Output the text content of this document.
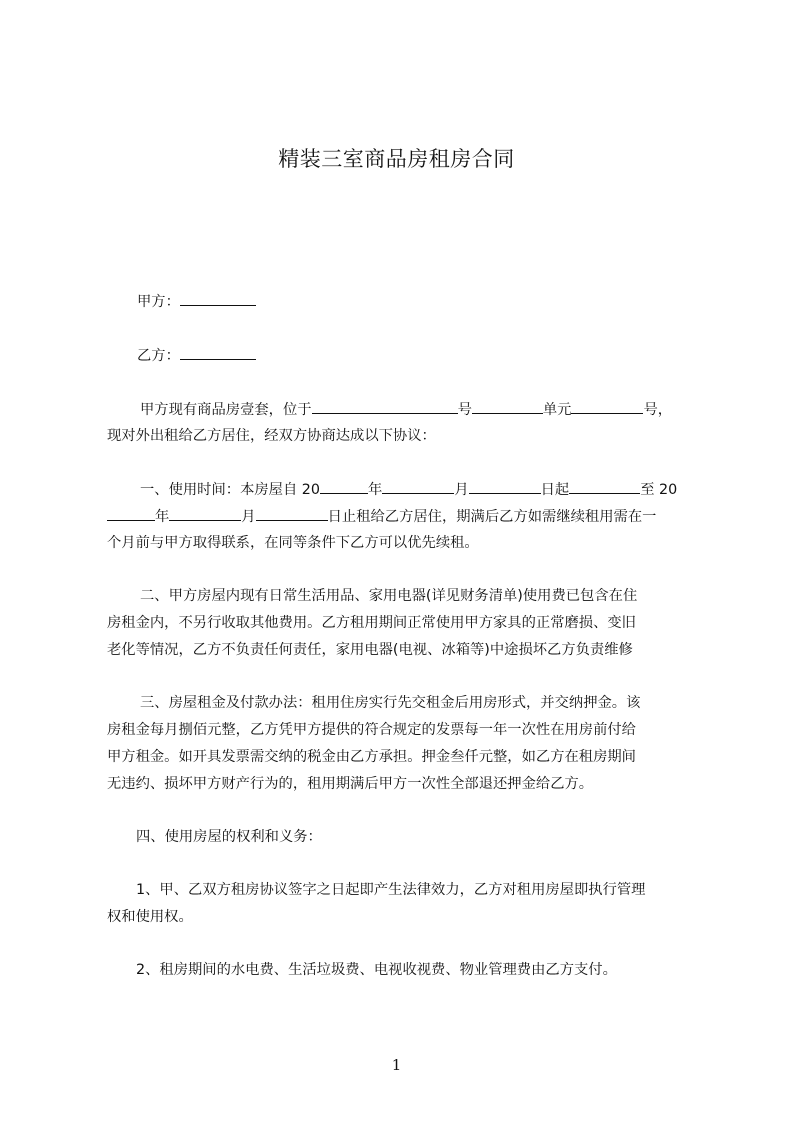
精装三室商品房租房合同
甲方：
乙方：
甲方现有商品房壹套，位于	号	单元	号，
现对外出租给乙方居住，经双方协商达成以下协议：
一、使用时间：本房屋自 20	年	月	日起	至 20
年	月	日止租给乙方居住，期满后乙方如需继续租用需在一
个月前与甲方取得联系，在同等条件下乙方可以优先续租。
二、甲方房屋内现有日常生活用品、家用电器(详见财务清单)使用费已包含在住
房租金内，不另行收取其他费用。乙方租用期间正常使用甲方家具的正常磨损、变旧
老化等情况，乙方不负责任何责任，家用电器(电视、冰箱等)中途损坏乙方负责维修
三、房屋租金及付款办法：租用住房实行先交租金后用房形式，并交纳押金。该
房租金每月捌佰元整，乙方凭甲方提供的符合规定的发票每一年一次性在用房前付给
甲方租金。如开具发票需交纳的税金由乙方承担。押金叁仟元整，如乙方在租房期间
无违约、损坏甲方财产行为的，租用期满后甲方一次性全部退还押金给乙方。
四、使用房屋的权利和义务：
1、甲、乙双方租房协议签字之日起即产生法律效力，乙方对租用房屋即执行管理
权和使用权。
2、租房期间的水电费、生活垃圾费、电视收视费、物业管理费由乙方支付。
1
